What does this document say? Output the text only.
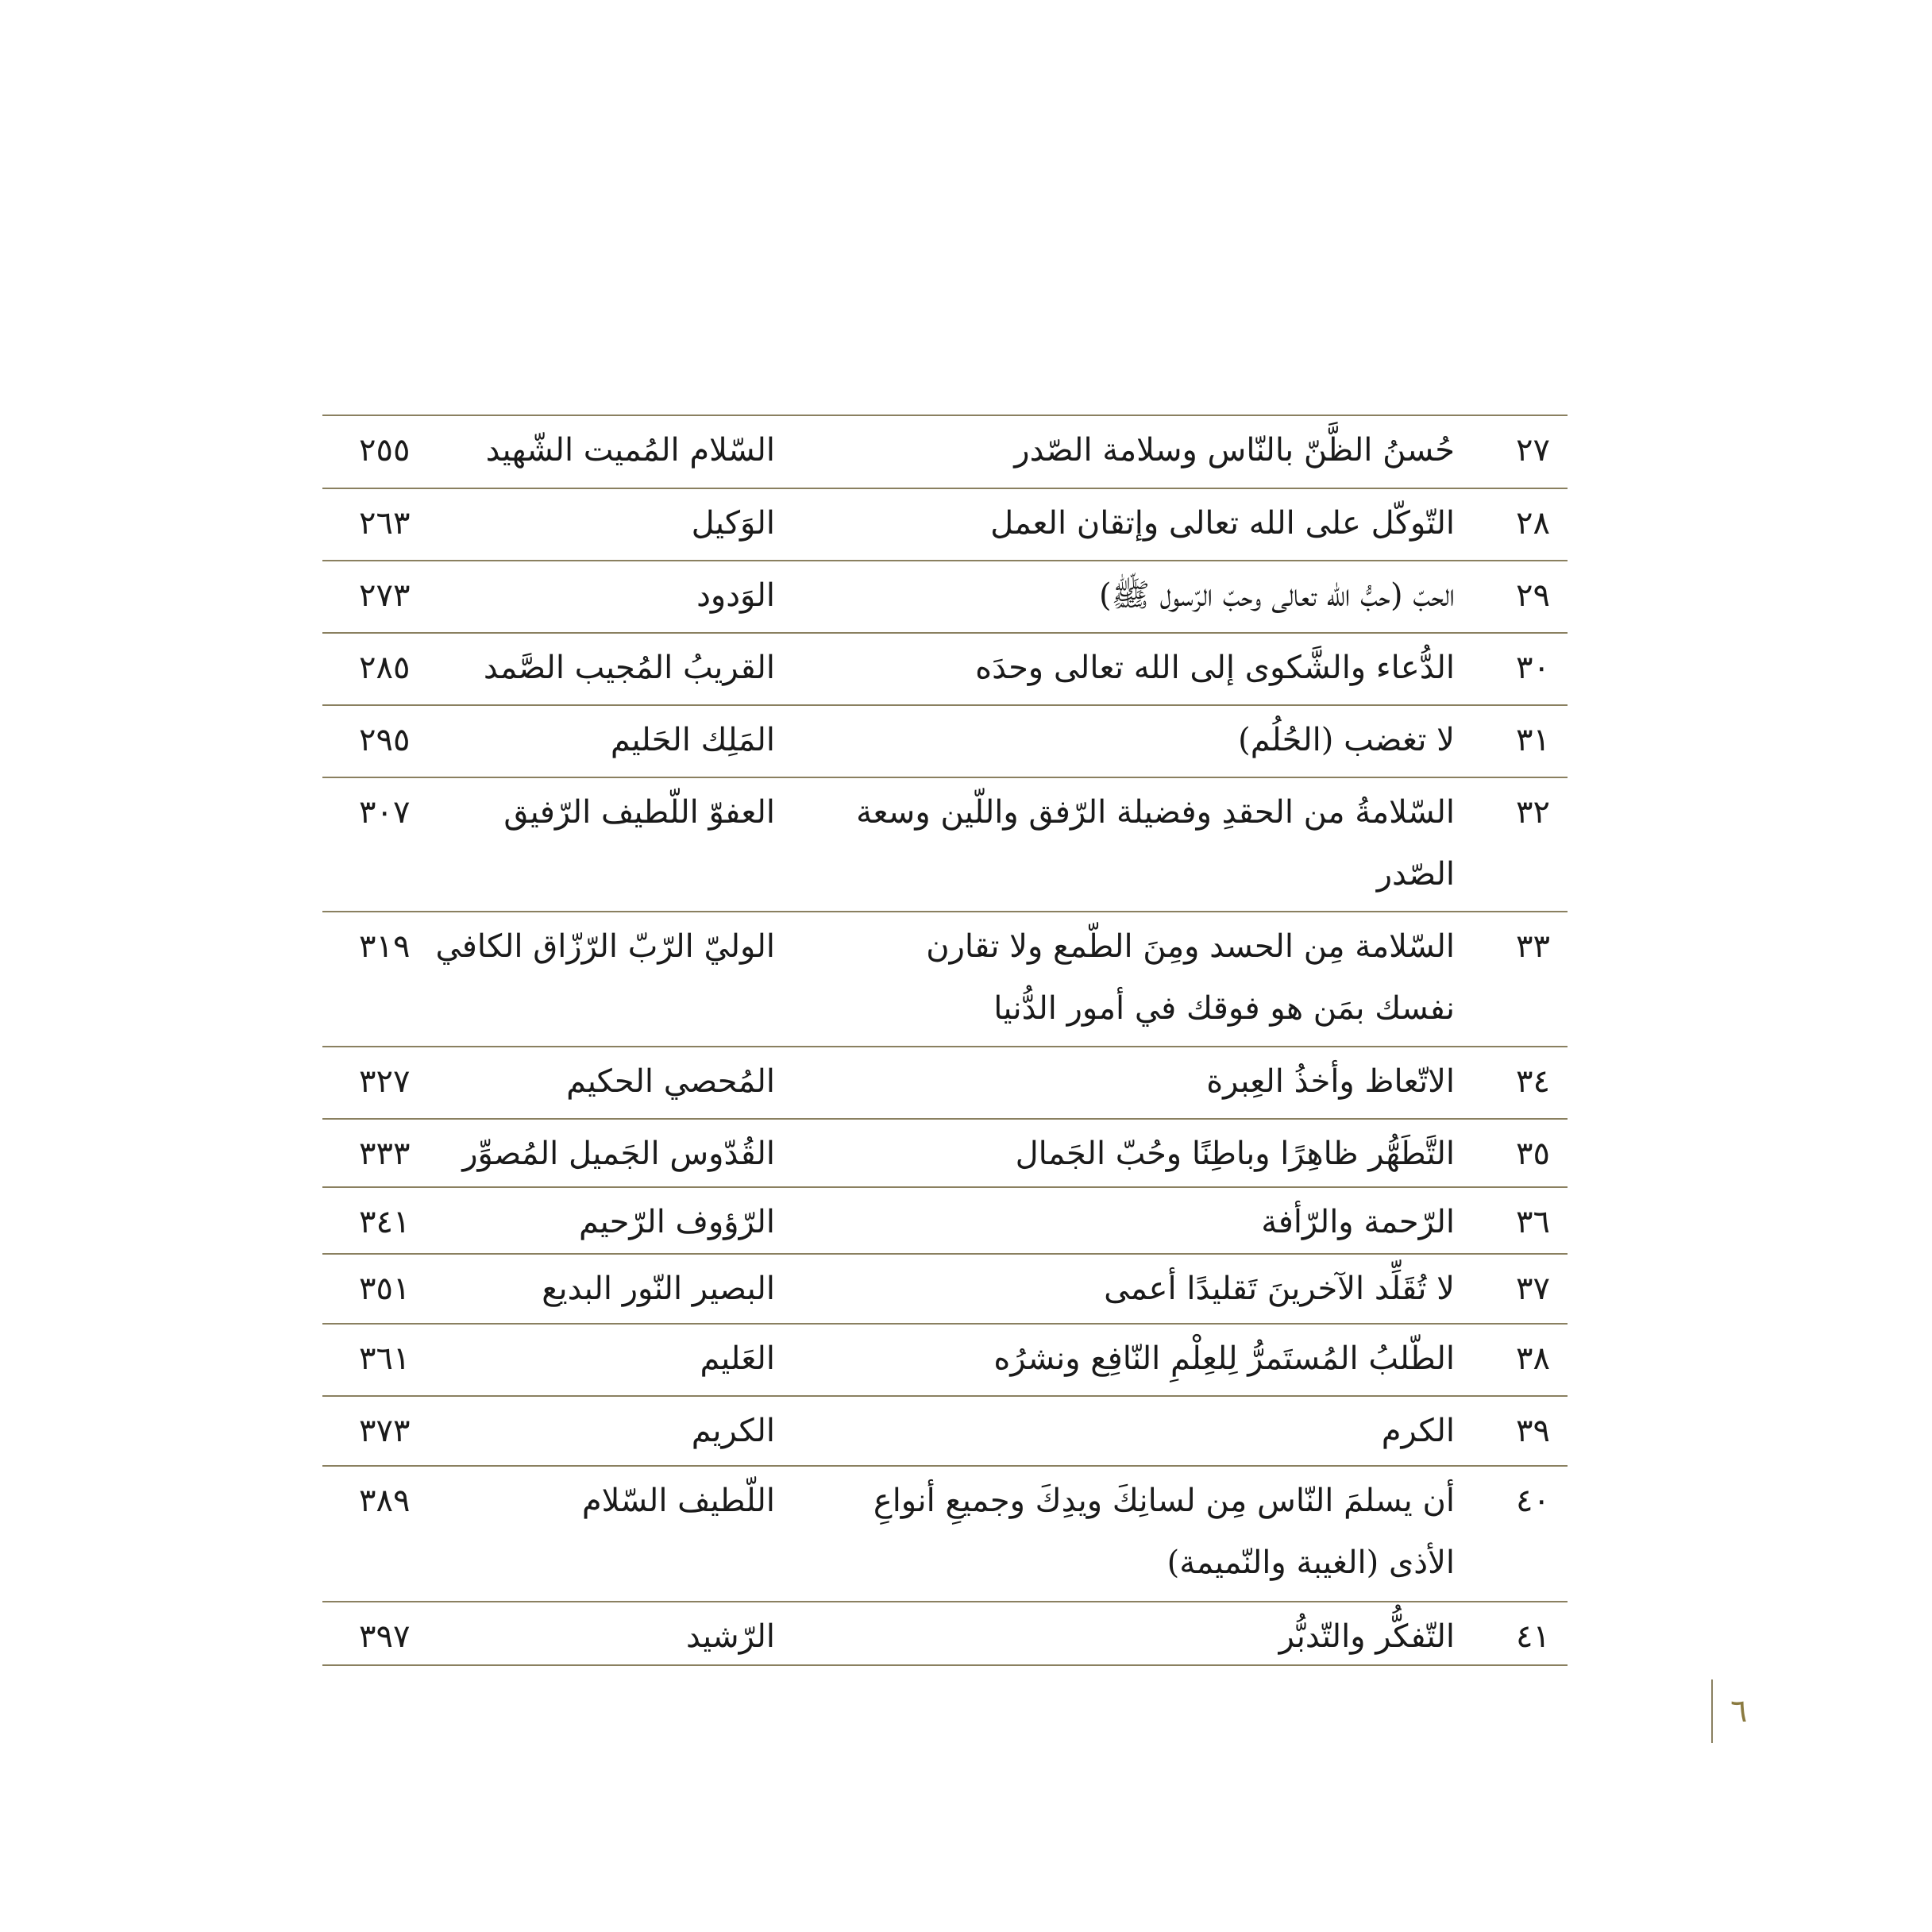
٢٧
حُسنُ الظَّنّ بالنّاس وسلامة الصّدر
السّلام المُميت الشّهيد
٢٥٥
٢٨
التّوكّل على الله تعالى وإتقان العمل
الوَكيل
٢٦٣
٢٩
الحبّ (حبُّ الله تعالى وحبّ الرّسول ﷺ)
الوَدود
٢٧٣
٣٠
الدُّعاء والشَّكوى إلى الله تعالى وحدَه
القريبُ المُجيب الصَّمد
٢٨٥
٣١
لا تغضب (الحُلُم)
المَلِك الحَليم
٢٩٥
٣٢
السّلامةُ من الحقدِ وفضيلة الرّفق واللّين وسعة الصّدر
العفوّ اللّطيف الرّفيق
٣٠٧
٣٣
السّلامة مِن الحسد ومِنَ الطّمع ولا تقارن نفسك بمَن هو فوقك في أمور الدُّنيا
الوليّ الرّبّ الرّزّاق الكافي
٣١٩
٣٤
الاتّعاظ وأخذُ العِبرة
المُحصي الحكيم
٣٢٧
٣٥
التَّطَهُّر ظاهِرًا وباطِنًا وحُبّ الجَمال
القُدّوس الجَميل المُصوِّر
٣٣٣
٣٦
الرّحمة والرّأفة
الرّؤوف الرّحيم
٣٤١
٣٧
لا تُقَلِّد الآخرينَ تَقليدًا أعمى
البصير النّور البديع
٣٥١
٣٨
الطّلبُ المُستَمرُّ لِلعِلْمِ النّافِع ونشرُه
العَليم
٣٦١
٣٩
الكرم
الكريم
٣٧٣
٤٠
أن يسلمَ النّاس مِن لسانِكَ ويدِكَ وجميعِ أنواعِ الأذى (الغيبة والنّميمة)
اللّطيف السّلام
٣٨٩
٤١
التّفكُّر والتّدبُّر
الرّشيد
٣٩٧
٦
